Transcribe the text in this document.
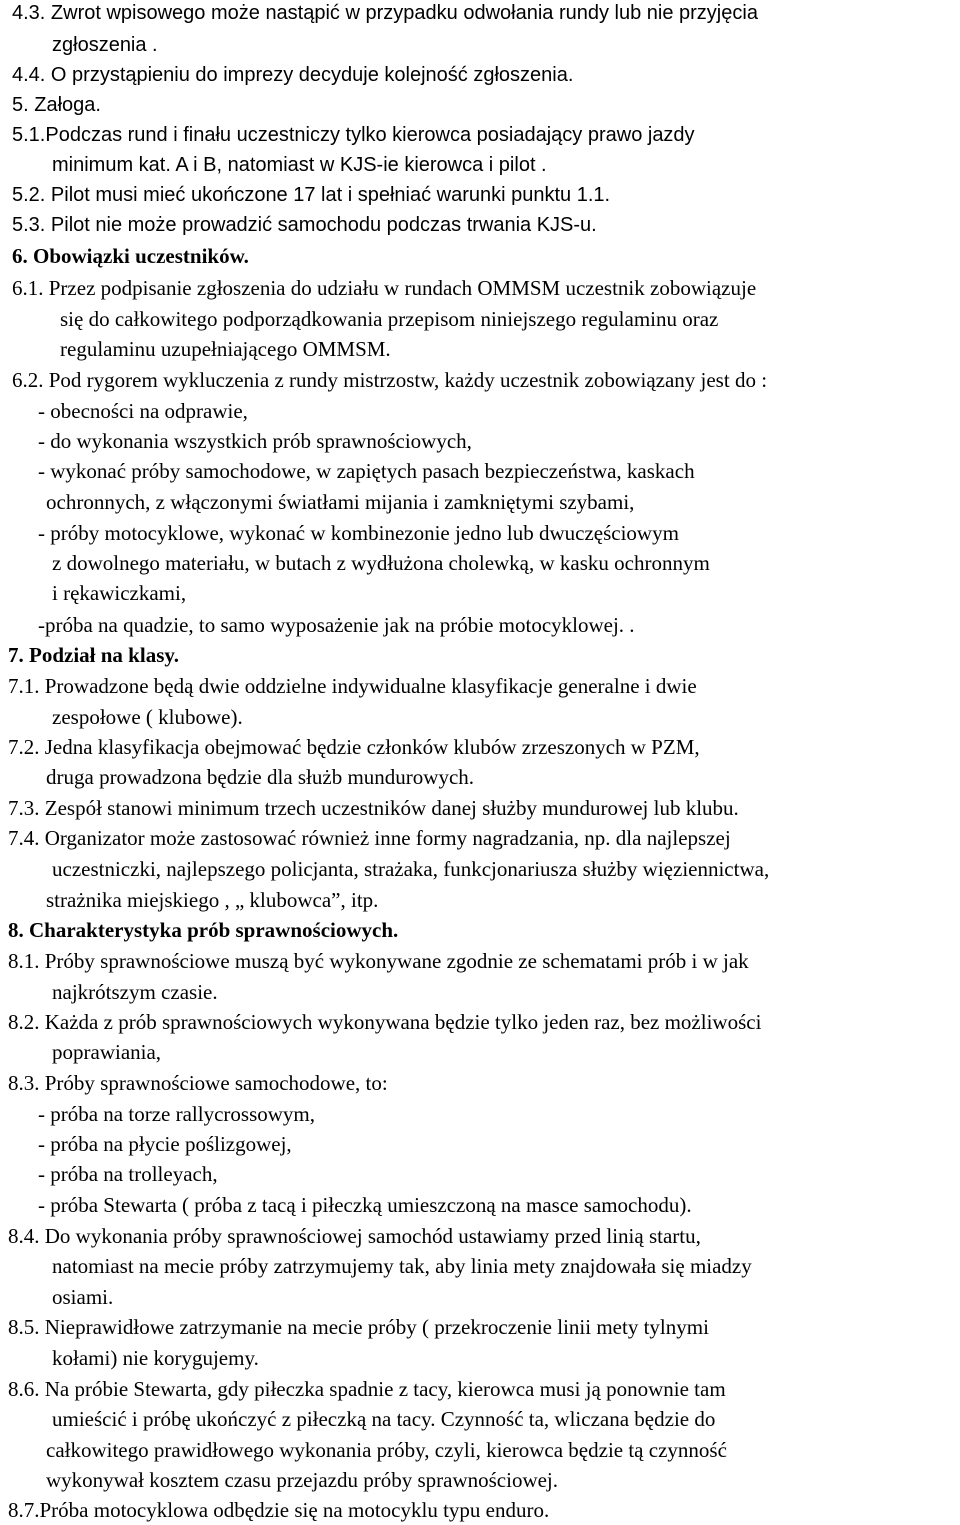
4.3. Zwrot wpisowego może nastąpić w przypadku odwołania rundy lub nie przyjęcia
zgłoszenia .
4.4. O przystąpieniu do imprezy decyduje kolejność zgłoszenia.
5. Załoga.
5.1.Podczas rund i finału uczestniczy tylko kierowca posiadający prawo jazdy
minimum kat. A i B, natomiast w KJS-ie kierowca i pilot .
5.2. Pilot musi mieć ukończone 17 lat i spełniać warunki punktu 1.1.
5.3. Pilot nie może prowadzić samochodu podczas trwania KJS-u.
6. Obowiązki uczestników.
6.1. Przez podpisanie zgłoszenia do udziału w rundach OMMSM uczestnik zobowiązuje
się do całkowitego podporządkowania przepisom niniejszego regulaminu oraz
regulaminu uzupełniającego OMMSM.
6.2. Pod rygorem wykluczenia z rundy mistrzostw, każdy uczestnik zobowiązany jest do :
- obecności na odprawie,
- do wykonania wszystkich prób sprawnościowych,
- wykonać próby samochodowe, w zapiętych pasach bezpieczeństwa, kaskach
ochronnych, z włączonymi światłami mijania i zamkniętymi szybami,
- próby motocyklowe, wykonać w kombinezonie jedno lub dwuczęściowym
z dowolnego materiału, w butach z wydłużona cholewką, w kasku ochronnym
i rękawiczkami,
-próba na quadzie, to samo wyposażenie jak na próbie motocyklowej. .
7. Podział na klasy.
7.1. Prowadzone będą dwie oddzielne indywidualne klasyfikacje generalne i dwie
zespołowe ( klubowe).
7.2. Jedna klasyfikacja obejmować będzie członków klubów zrzeszonych w PZM,
druga prowadzona będzie dla służb mundurowych.
7.3. Zespół stanowi minimum trzech uczestników danej służby mundurowej lub klubu.
7.4. Organizator może zastosować również inne formy nagradzania, np. dla najlepszej
uczestniczki, najlepszego policjanta, strażaka, funkcjonariusza służby więziennictwa,
strażnika miejskiego , „ klubowca”, itp.
8. Charakterystyka prób sprawnościowych.
8.1. Próby sprawnościowe muszą być wykonywane zgodnie ze schematami prób i w jak
najkrótszym czasie.
8.2. Każda z prób sprawnościowych wykonywana będzie tylko jeden raz, bez możliwości
poprawiania,
8.3. Próby sprawnościowe samochodowe, to:
- próba na torze rallycrossowym,
- próba na płycie poślizgowej,
- próba na trolleyach,
- próba Stewarta ( próba z tacą i piłeczką umieszczoną na masce samochodu).
8.4. Do wykonania próby sprawnościowej samochód ustawiamy przed linią startu,
natomiast na mecie próby zatrzymujemy tak, aby linia mety znajdowała się miadzy
osiami.
8.5. Nieprawidłowe zatrzymanie na mecie próby ( przekroczenie linii mety tylnymi
kołami) nie korygujemy.
8.6. Na próbie Stewarta, gdy piłeczka spadnie z tacy, kierowca musi ją ponownie tam
umieścić i próbę ukończyć z piłeczką na tacy. Czynność ta, wliczana będzie do
całkowitego prawidłowego wykonania próby, czyli, kierowca będzie tą czynność
wykonywał kosztem czasu przejazdu próby sprawnościowej.
8.7.Próba motocyklowa odbędzie się na motocyklu typu enduro.
